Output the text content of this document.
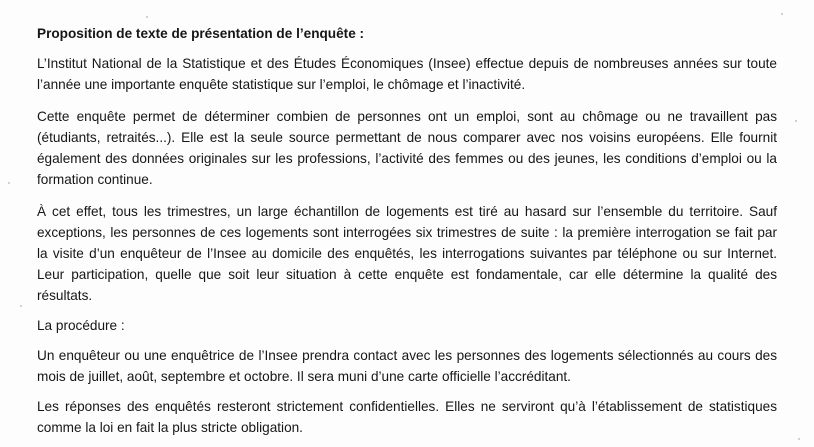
Proposition de texte de présentation de l’enquête :

L’Institut National de la Statistique et des Études Économiques (Insee) effectue depuis de nombreuses années sur toute l’année une importante enquête statistique sur l’emploi, le chômage et l’inactivité.

Cette enquête permet de déterminer combien de personnes ont un emploi, sont au chômage ou ne travaillent pas (étudiants, retraités...). Elle est la seule source permettant de nous comparer avec nos voisins européens. Elle fournit également des données originales sur les professions, l’activité des femmes ou des jeunes, les conditions d’emploi ou la formation continue.

À cet effet, tous les trimestres, un large échantillon de logements est tiré au hasard sur l’ensemble du territoire. Sauf exceptions, les personnes de ces logements sont interrogées six trimestres de suite : la première interrogation se fait par la visite d’un enquêteur de l’Insee au domicile des enquêtés, les interrogations suivantes par téléphone ou sur Internet. Leur participation, quelle que soit leur situation à cette enquête est fondamentale, car elle détermine la qualité des résultats.

La procédure :

Un enquêteur ou une enquêtrice de l’Insee prendra contact avec les personnes des logements sélectionnés au cours des mois de juillet, août, septembre et octobre. Il sera muni d’une carte officielle l’accréditant.

Les réponses des enquêtés resteront strictement confidentielles. Elles ne serviront qu’à l’établissement de statistiques comme la loi en fait la plus stricte obligation.
